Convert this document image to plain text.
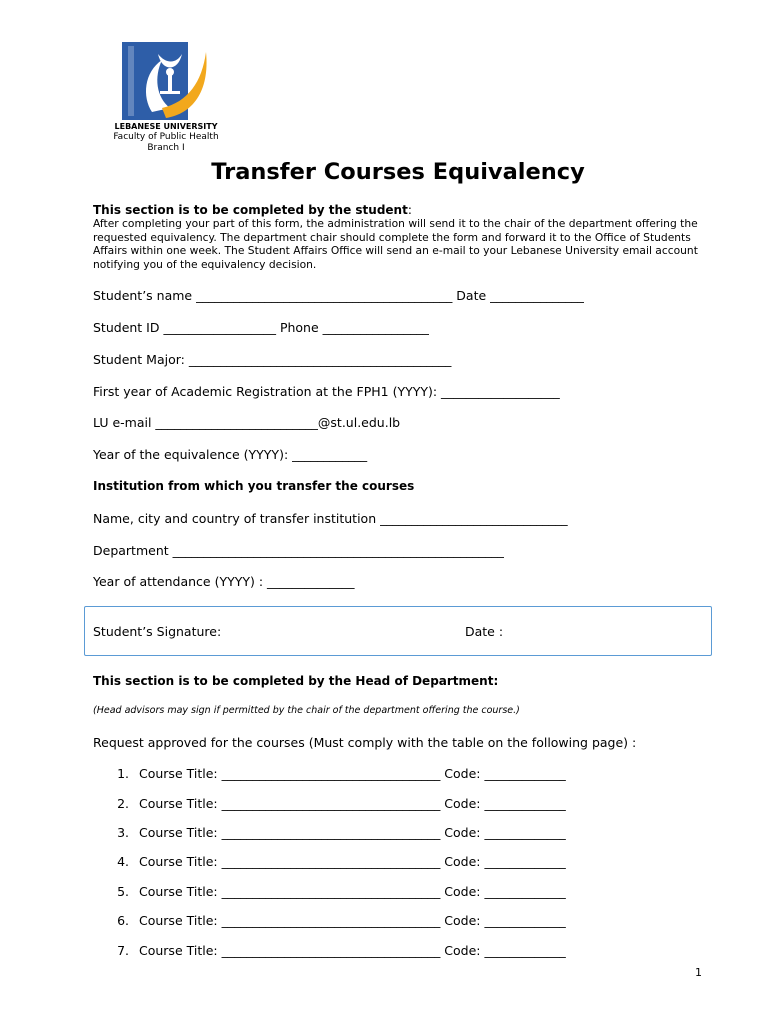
LEBANESE UNIVERSITY
Faculty of Public Health
Branch I
Transfer Courses Equivalency
This section is to be completed by the student:
After completing your part of this form, the administration will send it to the chair of the department offering the requested equivalency. The department chair should complete the form and forward it to the Office of Students Affairs within one week. The Student Affairs Office will send an e-mail to your Lebanese University email account notifying you of the equivalency decision.
Student’s name _________________________________________ Date _______________
Student ID __________________ Phone _________________
Student Major: __________________________________________
First year of Academic Registration at the FPH1 (YYYY): ___________________
LU e-mail __________________________@st.ul.edu.lb
Year of the equivalence (YYYY): ____________
Institution from which you transfer the courses
Name, city and country of transfer institution ______________________________
Department _____________________________________________________
Year of attendance (YYYY) : ______________
Student’s Signature:	Date :
This section is to be completed by the Head of Department:
(Head advisors may sign if permitted by the chair of the department offering the course.)
Request approved for the courses (Must comply with the table on the following page) :
1. Course Title: ___________________________________ Code: _____________
2. Course Title: ___________________________________ Code: _____________
3. Course Title: ___________________________________ Code: _____________
4. Course Title: ___________________________________ Code: _____________
5. Course Title: ___________________________________ Code: _____________
6. Course Title: ___________________________________ Code: _____________
7. Course Title: ___________________________________ Code: _____________
1
